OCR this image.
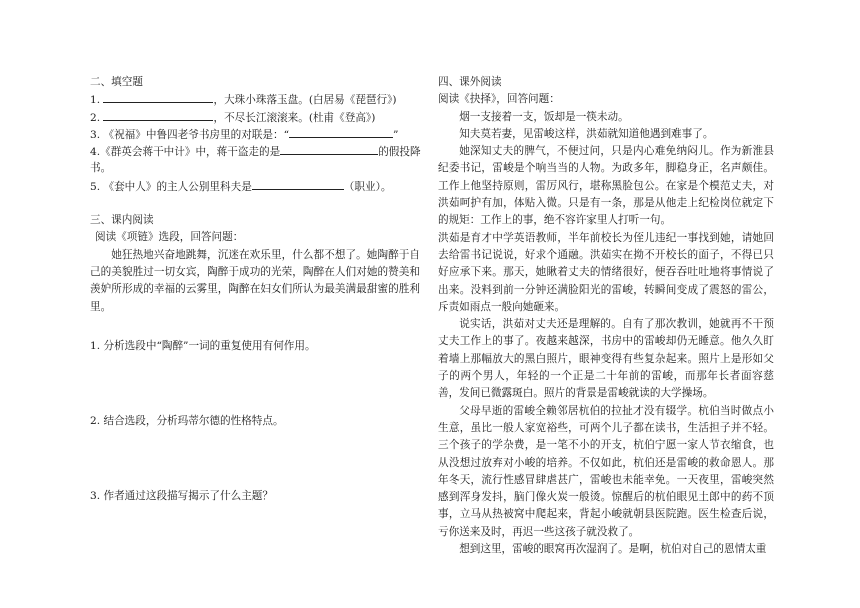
二、填空题
1.	，大珠小珠落玉盘。(白居易《琵琶行》)
2.	，不尽长江滚滚来。(杜甫《登高》)
3. 《祝福》中鲁四老爷书房里的对联是：“	”
4.《群英会蒋干中计》中，蒋干盗走的是	的假投降
书。
5. 《套中人》的主人公别里科夫是	（职业）。
三、课内阅读
阅读《项链》选段，回答问题：
她狂热地兴奋地跳舞，沉迷在欢乐里，什么都不想了。她陶醉于自己的美貌胜过一切女宾，陶醉于成功的光荣，陶醉在人们对她的赞美和羡妒所形成的幸福的云雾里，陶醉在妇女们所认为最美满最甜蜜的胜利里。
1. 分析选段中“陶醉”一词的重复使用有何作用。
2. 结合选段，分析玛蒂尔德的性格特点。
3. 作者通过这段描写揭示了什么主题？
四、课外阅读
阅读《抉择》，回答问题：
烟一支接着一支，饭却是一筷未动。
知夫莫若妻，见雷峻这样，洪茹就知道他遇到难事了。
她深知丈夫的脾气，不便过问，只是内心难免纳闷儿。作为新淮县纪委书记，雷峻是个响当当的人物。为政多年，脚稳身正，名声颇佳。工作上他坚持原则，雷厉风行，堪称黑脸包公。在家是个模范丈夫，对洪茹呵护有加，体贴入微。只是有一条，那是从他走上纪检岗位就定下的规矩：工作上的事，绝不容许家里人打听一句。
洪茹是育才中学英语教师，半年前校长为侄儿违纪一事找到她，请她回去给雷书记说说，好求个通融。洪茹实在拗不开校长的面子，不得已只好应承下来。那天，她瞅着丈夫的情绪很好，便吞吞吐吐地将事情说了出来。没料到前一分钟还满脸阳光的雷峻，转瞬间变成了震怒的雷公，斥责如雨点一般向她砸来。
说实话，洪茹对丈夫还是理解的。自有了那次教训，她就再不干预丈夫工作上的事了。夜越来越深，书房中的雷峻却仍无睡意。他久久盯着墙上那幅放大的黑白照片，眼神变得有些复杂起来。照片上是形如父子的两个男人，年轻的一个正是二十年前的雷峻，而那年长者面容慈善，发间已微露斑白。照片的背景是雷峻就读的大学操场。
父母早逝的雷峻全赖邻居杭伯的拉扯才没有辍学。杭伯当时做点小生意，虽比一般人家宽裕些，可两个儿子都在读书，生活担子并不轻。三个孩子的学杂费，是一笔不小的开支，杭伯宁愿一家人节衣缩食，也从没想过放弃对小峻的培养。不仅如此，杭伯还是雷峻的救命恩人。那年冬天，流行性感冒肆虐甚广，雷峻也未能幸免。一天夜里，雷峻突然感到浑身发抖，脑门像火炭一般烫。惊醒后的杭伯眼见土郎中的药不顶事，立马从热被窝中爬起来，背起小峻就朝县医院跑。医生检查后说，亏你送来及时，再迟一些这孩子就没救了。
想到这里，雷峻的眼窝再次湿润了。是啊，杭伯对自己的恩情太重
